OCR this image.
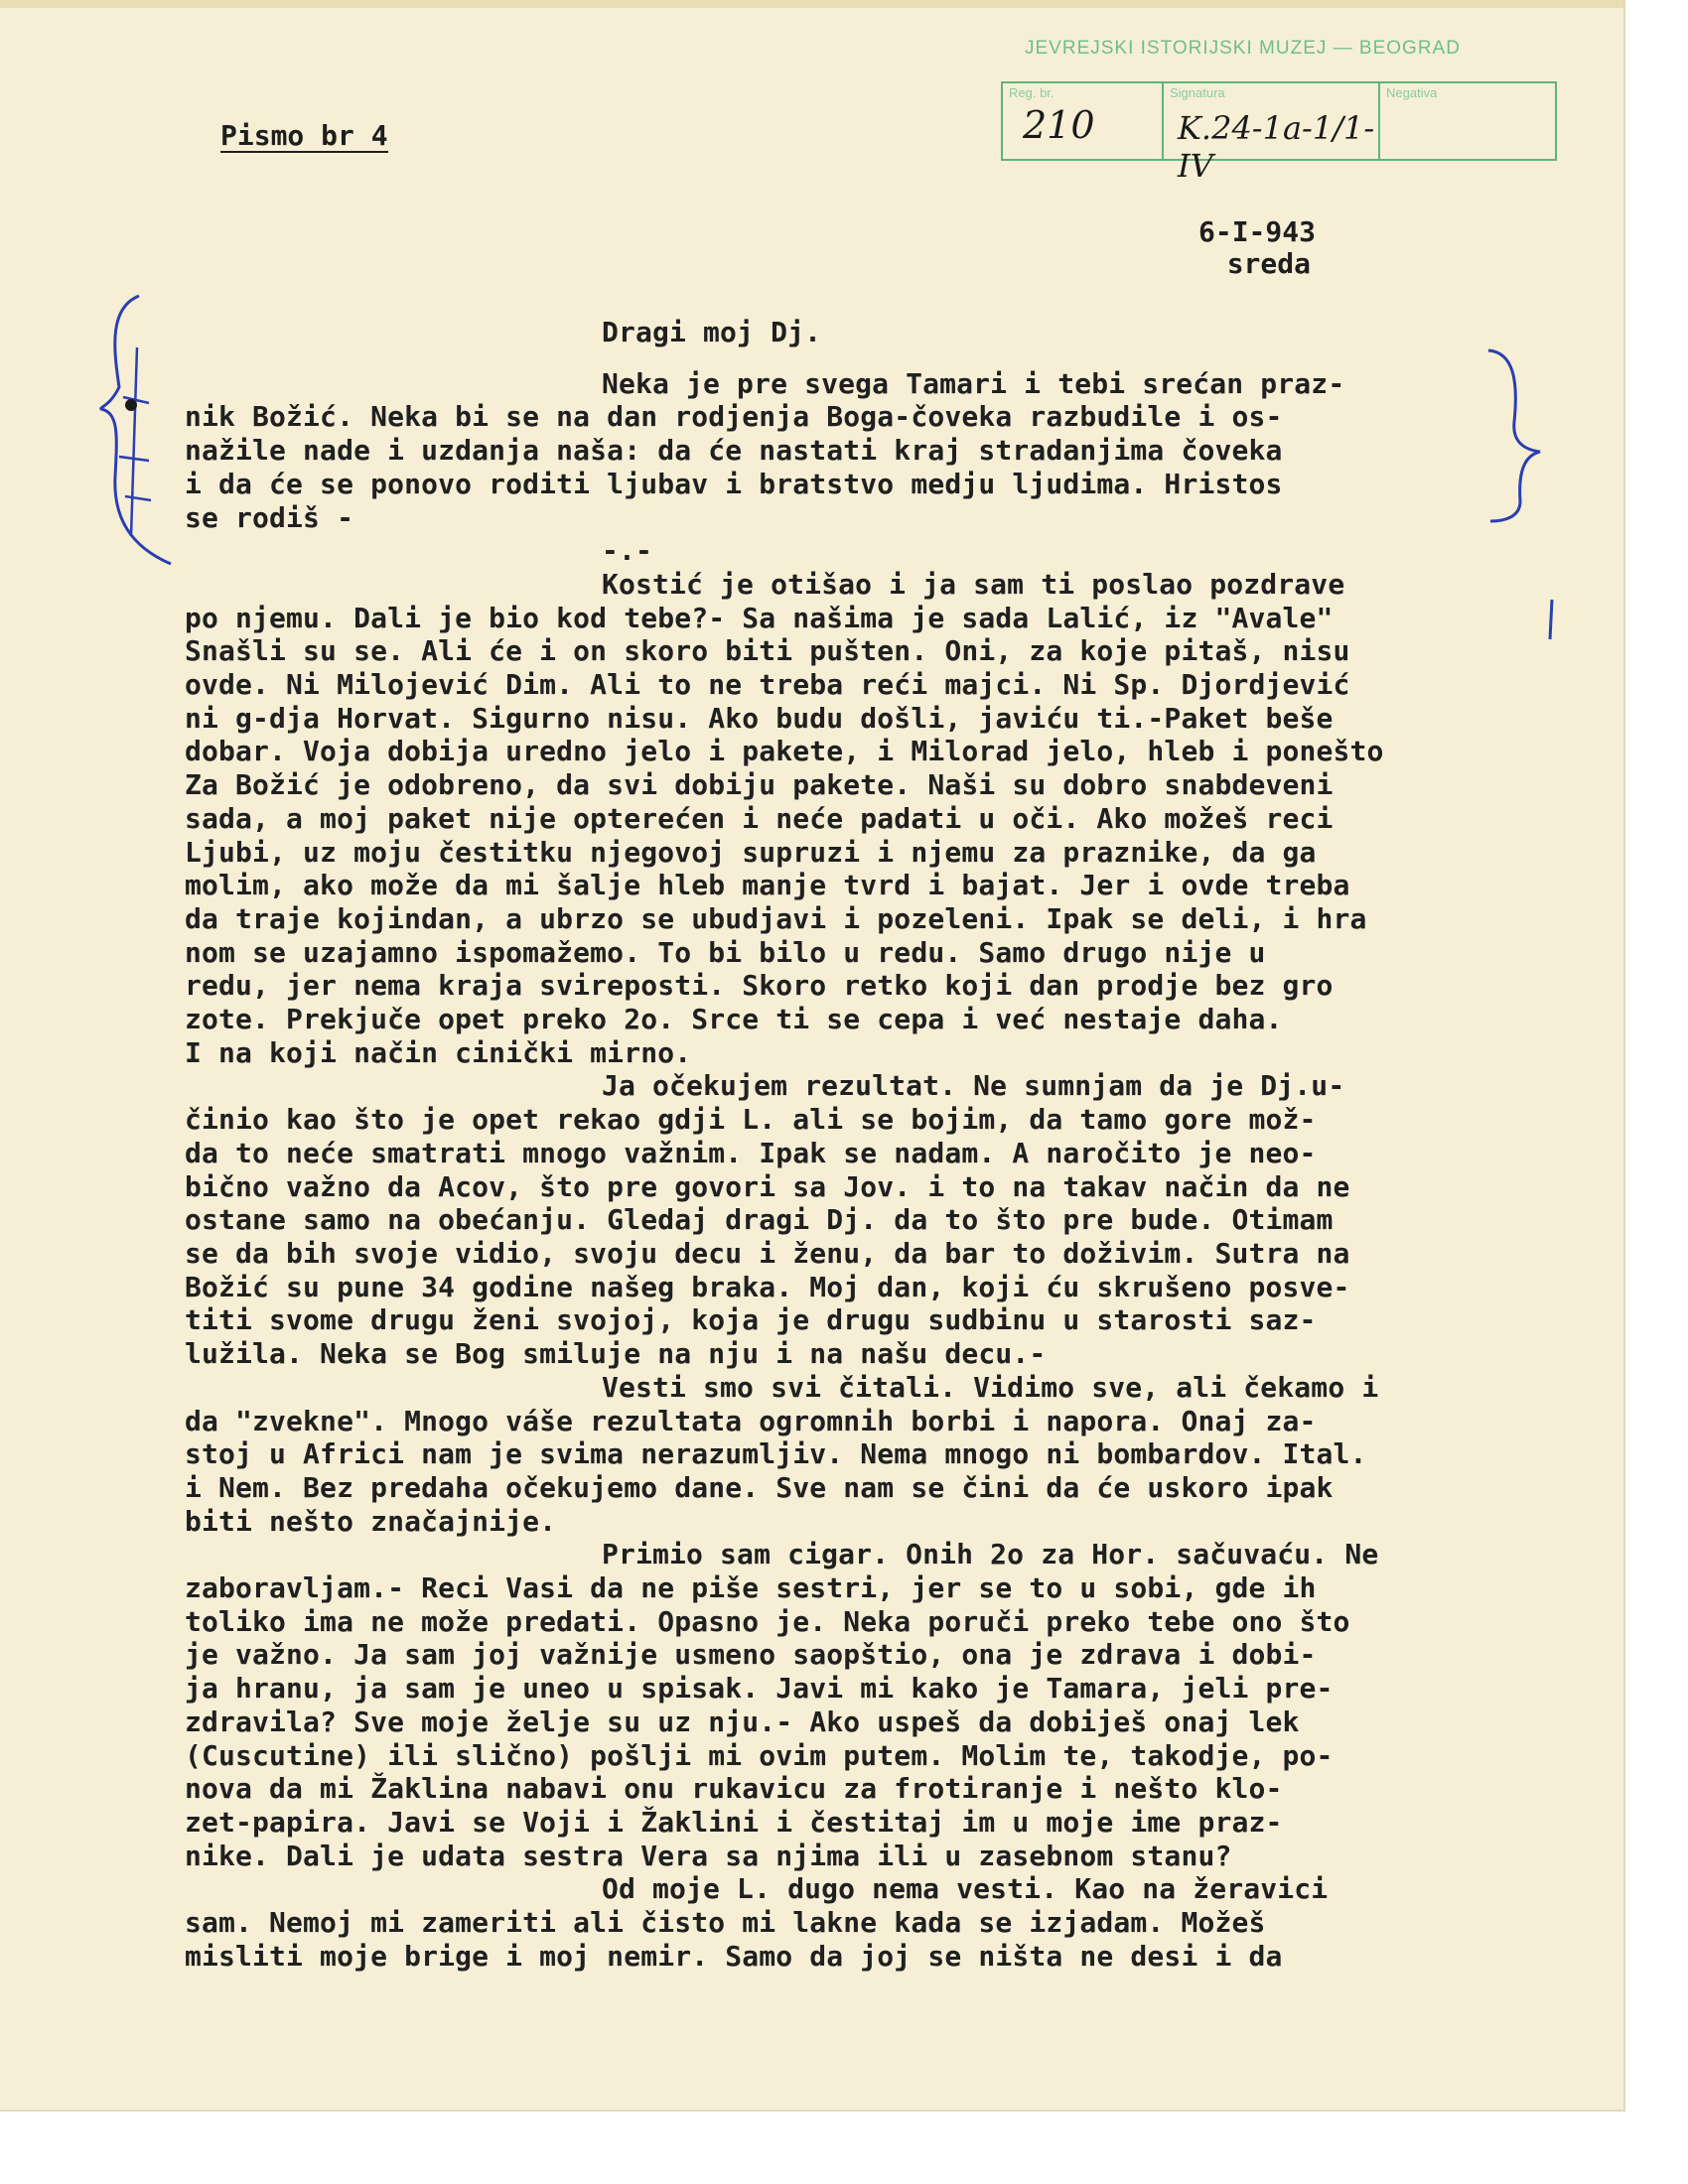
JEVREJSKI ISTORIJSKI MUZEJ — BEOGRAD
Reg. br.
210
Signatura
K.24-1a-1/1-IV
Negativa
Pismo br 4
6-I-943
sreda

Dragi moj Dj.

Neka je pre svega Tamari i tebi srećan praz-

nik Božić. Neka bi se na dan rodjenja Boga-čoveka razbudile i os-

nažile nade i uzdanja naša: da će nastati kraj stradanjima čoveka

i da će se ponovo roditi ljubav i bratstvo medju ljudima. Hristos

se rodiš -

-.-

Kostić je otišao i ja sam ti poslao pozdrave

po njemu. Dali je bio kod tebe?- Sa našima je sada Lalić, iz "Avale"

Snašli su se. Ali će i on skoro biti pušten. Oni, za koje pitaš, nisu

ovde. Ni Milojević Dim. Ali to ne treba reći majci. Ni Sp. Djordjević

ni g-dja Horvat. Sigurno nisu. Ako budu došli, javiću ti.-Paket beše

dobar. Voja dobija uredno jelo i pakete, i Milorad jelo, hleb i ponešto

Za Božić je odobreno, da svi dobiju pakete. Naši su dobro snabdeveni

sada, a moj paket nije opterećen i neće padati u oči. Ako možeš reci

Ljubi, uz moju čestitku njegovoj supruzi i njemu za praznike, da ga

molim, ako može da mi šalje hleb manje tvrd i bajat. Jer i ovde treba

da traje kojindan, a ubrzo se ubudjavi i pozeleni. Ipak se deli, i hra

nom se uzajamno ispomažemo. To bi bilo u redu. Samo drugo nije u

redu, jer nema kraja svireposti. Skoro retko koji dan prodje bez gro

zote. Prekjuče opet preko 2o. Srce ti se cepa i već nestaje daha.

I na koji način cinički mirno.

Ja očekujem rezultat. Ne sumnjam da je Dj.u-

činio kao što je opet rekao gdji L. ali se bojim, da tamo gore mož-

da to neće smatrati mnogo važnim. Ipak se nadam. A naročito je neo-

bično važno da Acov, što pre govori sa Jov. i to na takav način da ne

ostane samo na obećanju. Gledaj dragi Dj. da to što pre bude. Otimam

se da bih svoje vidio, svoju decu i ženu, da bar to doživim. Sutra na

Božić su pune 34 godine našeg braka. Moj dan, koji ću skrušeno posve-

titi svome drugu ženi svojoj, koja je drugu sudbinu u starosti saz-

lužila. Neka se Bog smiluje na nju i na našu decu.-

Vesti smo svi čitali. Vidimo sve, ali čekamo i

da "zvekne". Mnogo váše rezultata ogromnih borbi i napora. Onaj za-

stoj u Africi nam je svima nerazumljiv. Nema mnogo ni bombardov. Ital.

i Nem. Bez predaha očekujemo dane. Sve nam se čini da će uskoro ipak

biti nešto značajnije.

Primio sam cigar. Onih 2o za Hor. sačuvaću. Ne

zaboravljam.- Reci Vasi da ne piše sestri, jer se to u sobi, gde ih

toliko ima ne može predati. Opasno je. Neka poruči preko tebe ono što

je važno. Ja sam joj važnije usmeno saopštio, ona je zdrava i dobi-

ja hranu, ja sam je uneo u spisak. Javi mi kako je Tamara, jeli pre-

zdravila? Sve moje želje su uz nju.- Ako uspeš da dobiješ onaj lek

(Cuscutine) ili slično) pošlji mi ovim putem. Molim te, takodje, po-

nova da mi Žaklina nabavi onu rukavicu za frotiranje i nešto klo-

zet-papira. Javi se Voji i Žaklini i čestitaj im u moje ime praz-

nike. Dali je udata sestra Vera sa njima ili u zasebnom stanu?

Od moje L. dugo nema vesti. Kao na žeravici

sam. Nemoj mi zameriti ali čisto mi lakne kada se izjadam. Možeš

misliti moje brige i moj nemir. Samo da joj se ništa ne desi i da
